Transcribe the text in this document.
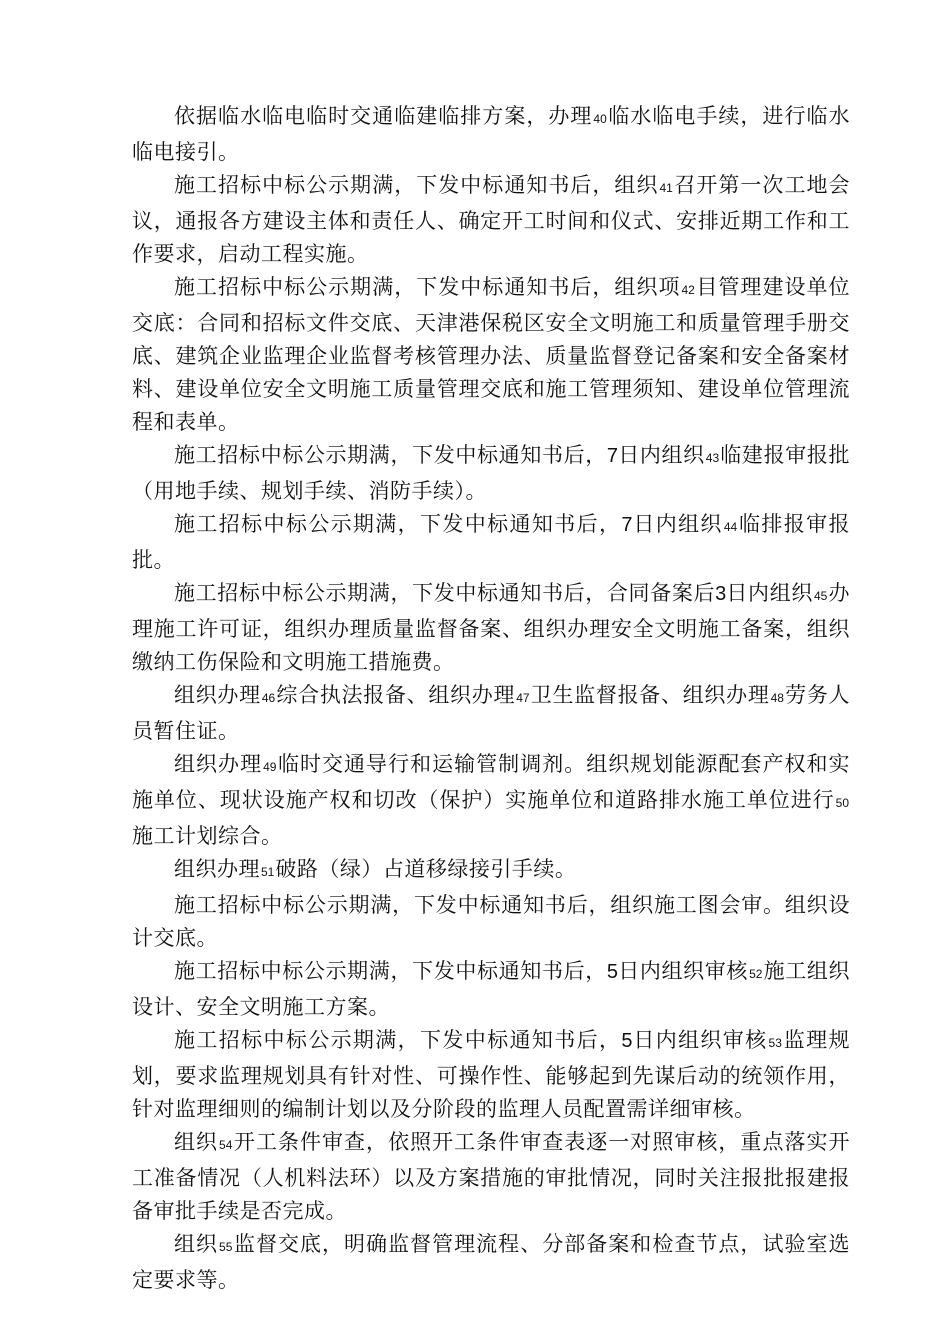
依据临水临电临时交通临建临排方案，办理40临水临电手续，进行临水临电接引。

施工招标中标公示期满，下发中标通知书后，组织41召开第一次工地会议，通报各方建设主体和责任人、确定开工时间和仪式、安排近期工作和工作要求，启动工程实施。

施工招标中标公示期满，下发中标通知书后，组织项42目管理建设单位交底：合同和招标文件交底、天津港保税区安全文明施工和质量管理手册交底、建筑企业监理企业监督考核管理办法、质量监督登记备案和安全备案材料、建设单位安全文明施工质量管理交底和施工管理须知、建设单位管理流程和表单。

施工招标中标公示期满，下发中标通知书后，7日内组织43临建报审报批（用地手续、规划手续、消防手续）。

施工招标中标公示期满，下发中标通知书后，7日内组织44临排报审报批。

施工招标中标公示期满，下发中标通知书后，合同备案后3日内组织45办理施工许可证，组织办理质量监督备案、组织办理安全文明施工备案，组织缴纳工伤保险和文明施工措施费。

组织办理46综合执法报备、组织办理47卫生监督报备、组织办理48劳务人员暂住证。

组织办理49临时交通导行和运输管制调剂。组织规划能源配套产权和实施单位、现状设施产权和切改（保护）实施单位和道路排水施工单位进行50施工计划综合。

组织办理51破路（绿）占道移绿接引手续。

施工招标中标公示期满，下发中标通知书后，组织施工图会审。组织设计交底。

施工招标中标公示期满，下发中标通知书后，5日内组织审核52施工组织设计、安全文明施工方案。

施工招标中标公示期满，下发中标通知书后，5日内组织审核53监理规划，要求监理规划具有针对性、可操作性、能够起到先谋后动的统领作用，针对监理细则的编制计划以及分阶段的监理人员配置需详细审核。

组织54开工条件审查，依照开工条件审查表逐一对照审核，重点落实开工准备情况（人机料法环）以及方案措施的审批情况，同时关注报批报建报备审批手续是否完成。

组织55监督交底，明确监督管理流程、分部备案和检查节点，试验室选定要求等。
